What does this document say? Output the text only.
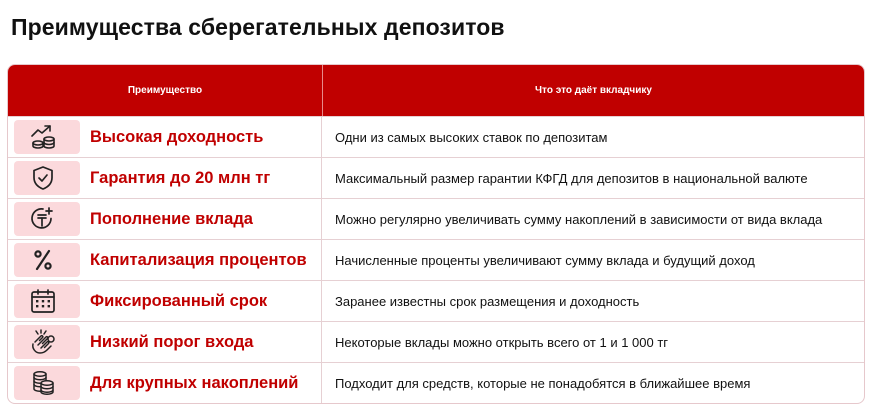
Преимущества сберегательных депозитов
Преимущество	Что это даёт вкладчику
Высокая доходность	Одни из самых высоких ставок по депозитам
Гарантия до 20 млн тг	Максимальный размер гарантии КФГД для депозитов в национальной валюте
Пополнение вклада	Можно регулярно увеличивать сумму накоплений в зависимости от вида вклада
Капитализация процентов	Начисленные проценты увеличивают сумму вклада и будущий доход
Фиксированный срок	Заранее известны срок размещения и доходность
Низкий порог входа	Некоторые вклады можно открыть всего от 1 и 1 000 тг
Для крупных накоплений	Подходит для средств, которые не понадобятся в ближайшее время
